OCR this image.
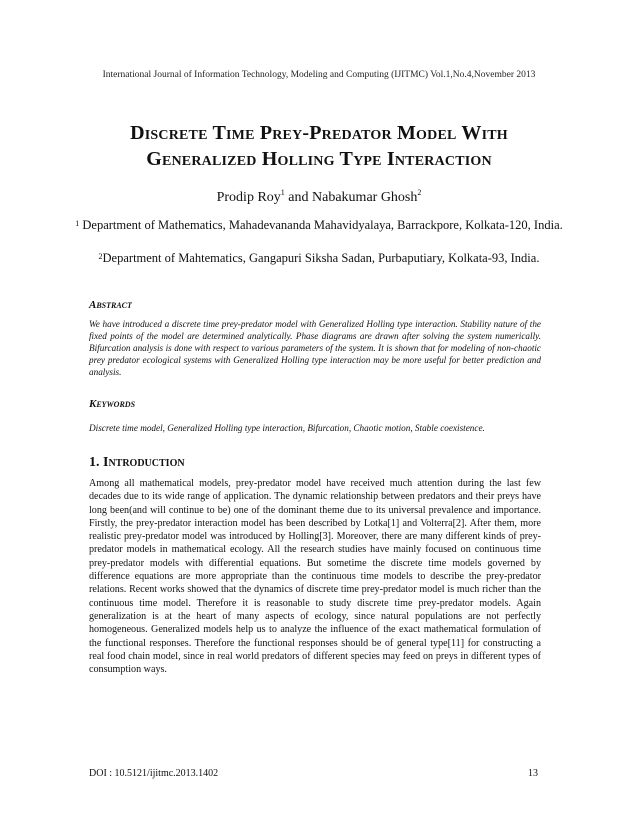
International Journal of Information Technology, Modeling and Computing (IJITMC) Vol.1,No.4,November 2013
Discrete Time Prey-Predator Model With
Generalized Holling Type Interaction
Prodip Roy$^1$ and Nabakumar Ghosh$^2$
$^1$ Department of Mathematics, Mahadevananda Mahavidyalaya, Barrackpore, Kolkata-120, India.
$^2$Department of Mahtematics, Gangapuri Siksha Sadan, Purbaputiary, Kolkata-93, India.
Abstract
We have introduced a discrete time prey-predator model with Generalized Holling type interaction. Stability nature of the fixed points of the model are determined analytically. Phase diagrams are drawn after solving the system numerically. Bifurcation analysis is done with respect to various parameters of the system. It is shown that for modeling of non-chaotic prey predator ecological systems with Generalized Holling type interaction may be more useful for better prediction and analysis.
Keywords
Discrete time model, Generalized Holling type interaction, Bifurcation, Chaotic motion, Stable coexistence.
1. Introduction
Among all mathematical models, prey-predator model have received much attention during the last few decades due to its wide range of application. The dynamic relationship between predators and their preys have long been(and will continue to be) one of the dominant theme due to its universal prevalence and importance. Firstly, the prey-predator interaction model has been described by Lotka[1] and Volterra[2]. After them, more realistic prey-predator model was introduced by Holling[3]. Moreover, there are many different kinds of prey-predator models in mathematical ecology. All the research studies have mainly focused on continuous time prey-predator models with differential equations. But sometime the discrete time models governed by difference equations are more appropriate than the continuous time models to describe the prey-predator relations. Recent works showed that the dynamics of discrete time prey-predator model is much richer than the continuous time model. Therefore it is reasonable to study discrete time prey-predator models. Again generalization is at the heart of many aspects of ecology, since natural populations are not perfectly homogeneous. Generalized models help us to analyze the influence of the exact mathematical formulation of the functional responses. Therefore the functional responses should be of general type[11] for constructing a real food chain model, since in real world predators of different species may feed on preys in different types of consumption ways.
DOI : 10.5121/ijitmc.2013.1402	13
